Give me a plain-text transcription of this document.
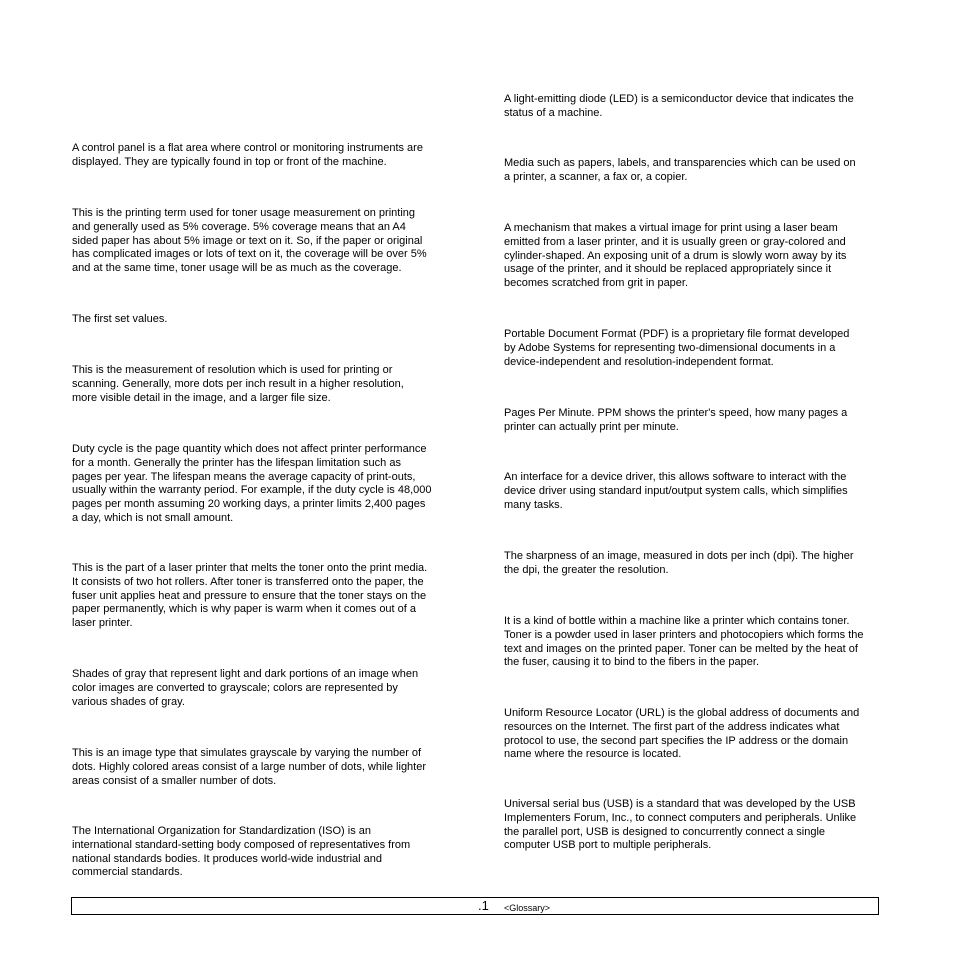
A control panel is a flat area where control or monitoring instruments are
displayed. They are typically found in top or front of the machine.
This is the printing term used for toner usage measurement on printing
and generally used as 5% coverage. 5% coverage means that an A4
sided paper has about 5% image or text on it. So, if the paper or original
has complicated images or lots of text on it, the coverage will be over 5%
and at the same time, toner usage will be as much as the coverage.
The first set values.
This is the measurement of resolution which is used for printing or
scanning. Generally, more dots per inch result in a higher resolution,
more visible detail in the image, and a larger file size.
Duty cycle is the page quantity which does not affect printer performance
for a month. Generally the printer has the lifespan limitation such as
pages per year. The lifespan means the average capacity of print-outs,
usually within the warranty period. For example, if the duty cycle is 48,000
pages per month assuming 20 working days, a printer limits 2,400 pages
a day, which is not small amount.
This is the part of a laser printer that melts the toner onto the print media.
It consists of two hot rollers. After toner is transferred onto the paper, the
fuser unit applies heat and pressure to ensure that the toner stays on the
paper permanently, which is why paper is warm when it comes out of a
laser printer.
Shades of gray that represent light and dark portions of an image when
color images are converted to grayscale; colors are represented by
various shades of gray.
This is an image type that simulates grayscale by varying the number of
dots. Highly colored areas consist of a large number of dots, while lighter
areas consist of a smaller number of dots.
The International Organization for Standardization (ISO) is an
international standard-setting body composed of representatives from
national standards bodies. It produces world-wide industrial and
commercial standards.
A light-emitting diode (LED) is a semiconductor device that indicates the
status of a machine.
Media such as papers, labels, and transparencies which can be used on
a printer, a scanner, a fax or, a copier.
A mechanism that makes a virtual image for print using a laser beam
emitted from a laser printer, and it is usually green or gray-colored and
cylinder-shaped. An exposing unit of a drum is slowly worn away by its
usage of the printer, and it should be replaced appropriately since it
becomes scratched from grit in paper.
Portable Document Format (PDF) is a proprietary file format developed
by Adobe Systems for representing two-dimensional documents in a
device-independent and resolution-independent format.
Pages Per Minute. PPM shows the printer's speed, how many pages a
printer can actually print per minute.
An interface for a device driver, this allows software to interact with the
device driver using standard input/output system calls, which simplifies
many tasks.
The sharpness of an image, measured in dots per inch (dpi). The higher
the dpi, the greater the resolution.
It is a kind of bottle within a machine like a printer which contains toner.
Toner is a powder used in laser printers and photocopiers which forms the
text and images on the printed paper. Toner can be melted by the heat of
the fuser, causing it to bind to the fibers in the paper.
Uniform Resource Locator (URL) is the global address of documents and
resources on the Internet. The first part of the address indicates what
protocol to use, the second part specifies the IP address or the domain
name where the resource is located.
Universal serial bus (USB) is a standard that was developed by the USB
Implementers Forum, Inc., to connect computers and peripherals. Unlike
the parallel port, USB is designed to concurrently connect a single
computer USB port to multiple peripherals.
.1 <Glossary>
